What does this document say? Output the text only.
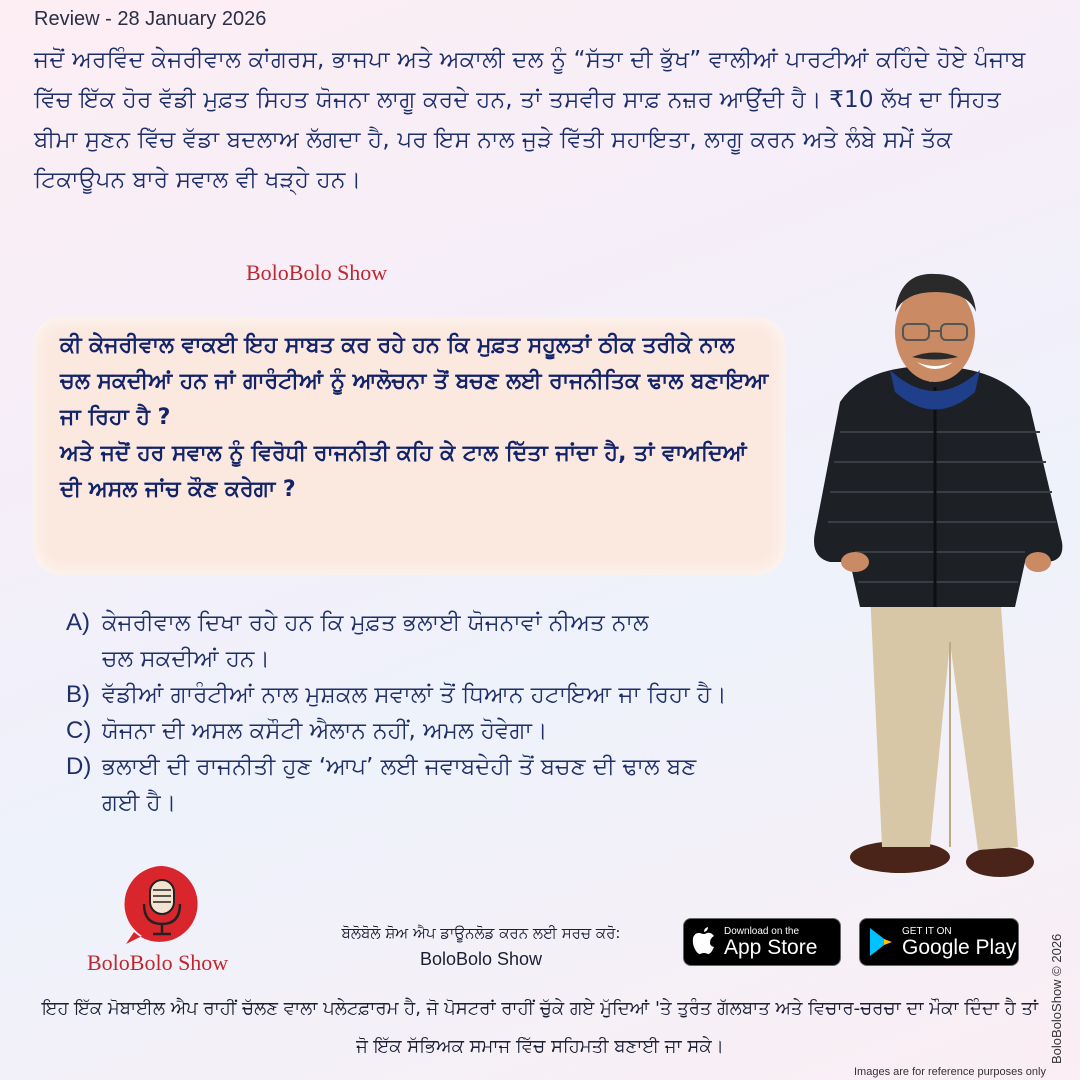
Review - 28 January 2026
ਜਦੋਂ ਅਰਵਿੰਦ ਕੇਜਰੀਵਾਲ ਕਾਂਗਰਸ, ਭਾਜਪਾ ਅਤੇ ਅਕਾਲੀ ਦਲ ਨੂੰ “ਸੱਤਾ ਦੀ ਭੁੱਖ” ਵਾਲੀਆਂ ਪਾਰਟੀਆਂ ਕਹਿੰਦੇ ਹੋਏ ਪੰਜਾਬ ਵਿੱਚ ਇੱਕ ਹੋਰ ਵੱਡੀ ਮੁਫ਼ਤ ਸਿਹਤ ਯੋਜਨਾ ਲਾਗੂ ਕਰਦੇ ਹਨ, ਤਾਂ ਤਸਵੀਰ ਸਾਫ਼ ਨਜ਼ਰ ਆਉਂਦੀ ਹੈ। ₹10 ਲੱਖ ਦਾ ਸਿਹਤ ਬੀਮਾ ਸੁਣਨ ਵਿੱਚ ਵੱਡਾ ਬਦਲਾਅ ਲੱਗਦਾ ਹੈ, ਪਰ ਇਸ ਨਾਲ ਜੁੜੇ ਵਿੱਤੀ ਸਹਾਇਤਾ, ਲਾਗੂ ਕਰਨ ਅਤੇ ਲੰਬੇ ਸਮੇਂ ਤੱਕ ਟਿਕਾਊਪਨ ਬਾਰੇ ਸਵਾਲ ਵੀ ਖੜ੍ਹੇ ਹਨ।
BoloBolo Show
ਕੀ ਕੇਜਰੀਵਾਲ ਵਾਕਈ ਇਹ ਸਾਬਤ ਕਰ ਰਹੇ ਹਨ ਕਿ ਮੁਫ਼ਤ ਸਹੂਲਤਾਂ ਠੀਕ ਤਰੀਕੇ ਨਾਲ ਚਲ ਸਕਦੀਆਂ ਹਨ ਜਾਂ ਗਾਰੰਟੀਆਂ ਨੂੰ ਆਲੋਚਨਾ ਤੋਂ ਬਚਣ ਲਈ ਰਾਜਨੀਤਿਕ ਢਾਲ ਬਣਾਇਆ ਜਾ ਰਿਹਾ ਹੈ ?
ਅਤੇ ਜਦੋਂ ਹਰ ਸਵਾਲ ਨੂੰ ਵਿਰੋਧੀ ਰਾਜਨੀਤੀ ਕਹਿ ਕੇ ਟਾਲ ਦਿੱਤਾ ਜਾਂਦਾ ਹੈ, ਤਾਂ ਵਾਅਦਿਆਂ ਦੀ ਅਸਲ ਜਾਂਚ ਕੌਣ ਕਰੇਗਾ ?
A) ਕੇਜਰੀਵਾਲ ਦਿਖਾ ਰਹੇ ਹਨ ਕਿ ਮੁਫ਼ਤ ਭਲਾਈ ਯੋਜਨਾਵਾਂ ਨੀਅਤ ਨਾਲ ਚਲ ਸਕਦੀਆਂ ਹਨ।
B) ਵੱਡੀਆਂ ਗਾਰੰਟੀਆਂ ਨਾਲ ਮੁਸ਼ਕਲ ਸਵਾਲਾਂ ਤੋਂ ਧਿਆਨ ਹਟਾਇਆ ਜਾ ਰਿਹਾ ਹੈ।
C) ਯੋਜਨਾ ਦੀ ਅਸਲ ਕਸੌਟੀ ਐਲਾਨ ਨਹੀਂ, ਅਮਲ ਹੋਵੇਗਾ।
D) ਭਲਾਈ ਦੀ ਰਾਜਨੀਤੀ ਹੁਣ ‘ਆਪ’ ਲਈ ਜਵਾਬਦੇਹੀ ਤੋਂ ਬਚਣ ਦੀ ਢਾਲ ਬਣ ਗਈ ਹੈ।
BoloBolo Show
ਬੋਲੋਬੋਲੋ ਸ਼ੋਅ ਐਪ ਡਾਊਨਲੋਡ ਕਰਨ ਲਈ ਸਰਚ ਕਰੋ:
BoloBolo Show
Download on the
App Store
GET IT ON
Google Play
ਇਹ ਇੱਕ ਮੋਬਾਈਲ ਐਪ ਰਾਹੀਂ ਚੱਲਣ ਵਾਲਾ ਪਲੇਟਫ਼ਾਰਮ ਹੈ, ਜੋ ਪੋਸਟਰਾਂ ਰਾਹੀਂ ਚੁੱਕੇ ਗਏ ਮੁੱਦਿਆਂ 'ਤੇ ਤੁਰੰਤ ਗੱਲਬਾਤ ਅਤੇ ਵਿਚਾਰ-ਚਰਚਾ ਦਾ ਮੌਕਾ ਦਿੰਦਾ ਹੈ ਤਾਂ ਜੋ ਇੱਕ ਸੱਭਿਅਕ ਸਮਾਜ ਵਿੱਚ ਸਹਿਮਤੀ ਬਣਾਈ ਜਾ ਸਕੇ।
Images are for reference purposes only
BoloBoloShow © 2026
